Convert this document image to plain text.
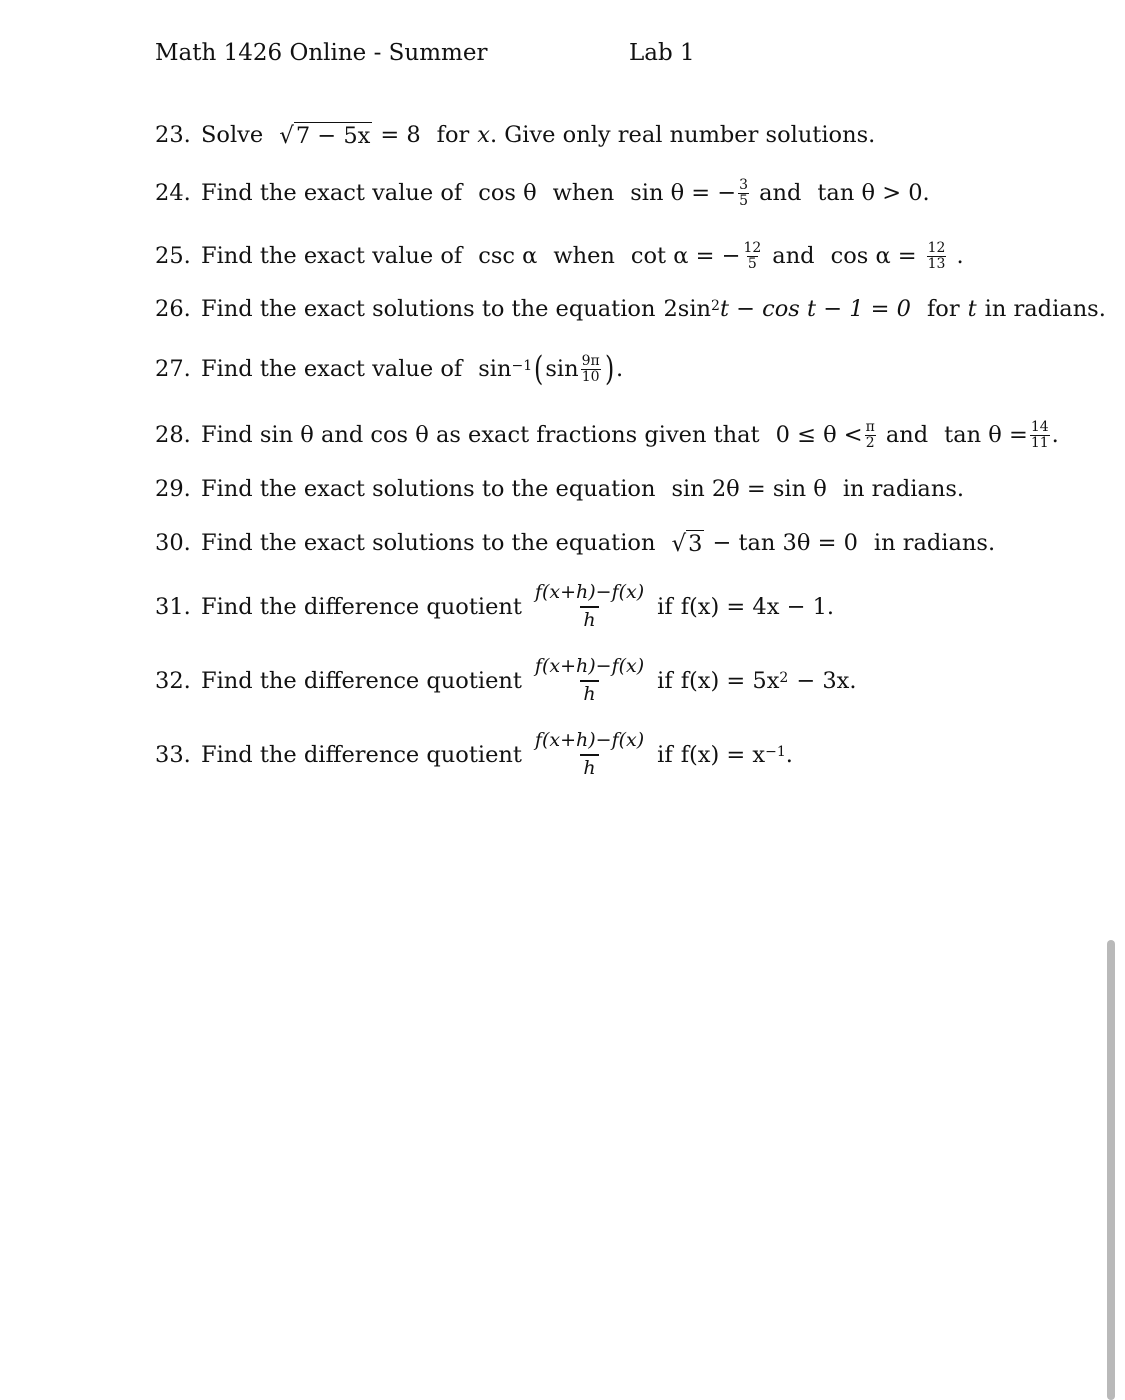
Math 1426 Online - Summer	Lab 1
23. Solve √ 7 − 5x = 8 for x . Give only real number solutions.
24. Find the exact value of cos θ when sin θ = − $\frac{3}{5}$ and tan θ > 0.
25. Find the exact value of csc α when cot α = − $\frac{12}{5}$ and $\cos \alpha = \frac{12}{13}$ .
26. Find the exact solutions to the equation $2\sin^2$ t − cos t − 1 = 0 for t in radians.
27. Find the exact value of $\sin^{-1}$ ( $\sin \frac{9\pi}{10}$ ) .
28. Find sin θ and cos θ as exact fractions given that $0 \le \theta < \frac{\pi}{2}$ and $\tan \theta = \frac{14}{11}$ .
29. Find the exact solutions to the equation sin 2θ = sin θ in radians.
30. Find the exact solutions to the equation √ 3 − tan 3θ = 0 in radians.
31. Find the difference quotient $\frac{f(x+h)-f(x)}{h}$ if f(x) = 4x − 1.
32. Find the difference quotient $\frac{f(x+h)-f(x)}{h}$ if $f(x) = 5x^2 - 3x$.
33. Find the difference quotient $\frac{f(x+h)-f(x)}{h}$ if $f(x) = x^{-1}$ .
